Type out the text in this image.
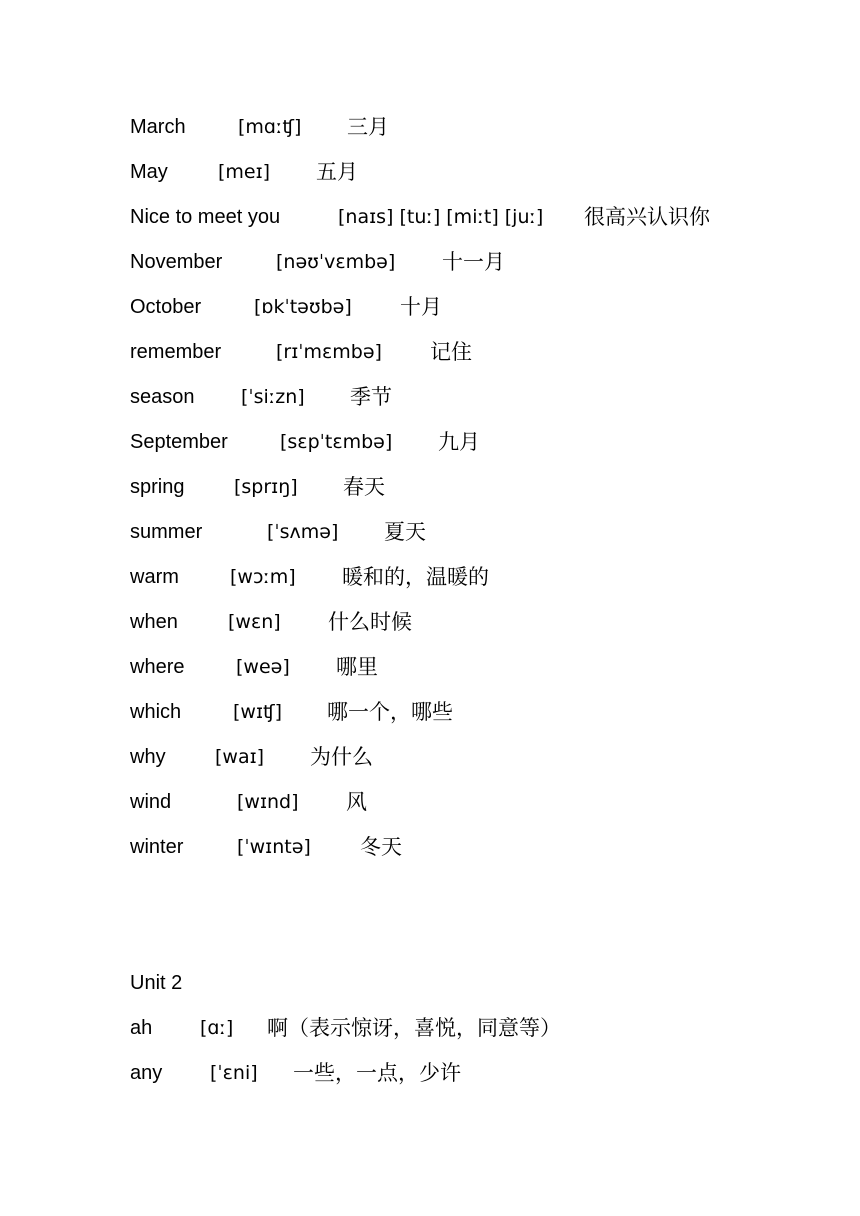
March	[mɑːʧ]	三月
May	[meɪ]	五月
Nice to meet you	[naɪs] [tuː] [miːt] [juː]	很高兴认识你
November	[nəʊˈvɛmbə]	十一月
October	[ɒkˈtəʊbə]	十月
remember	[rɪˈmɛmbə]	记住
season	[ˈsiːzn]	季节
September	[sɛpˈtɛmbə]	九月
spring	[sprɪŋ]	春天
summer	[ˈsʌmə]	夏天
warm	[wɔːm]	暖和的，温暖的
when	[wɛn]	什么时候
where	[weə]	哪里
which	[wɪʧ]	哪一个，哪些
why	[waɪ]	为什么
wind	[wɪnd]	风
winter	[ˈwɪntə]	冬天
Unit 2
ah	[ɑː]	啊（表示惊讶，喜悦，同意等）
any	[ˈɛni]	一些，一点，少许
